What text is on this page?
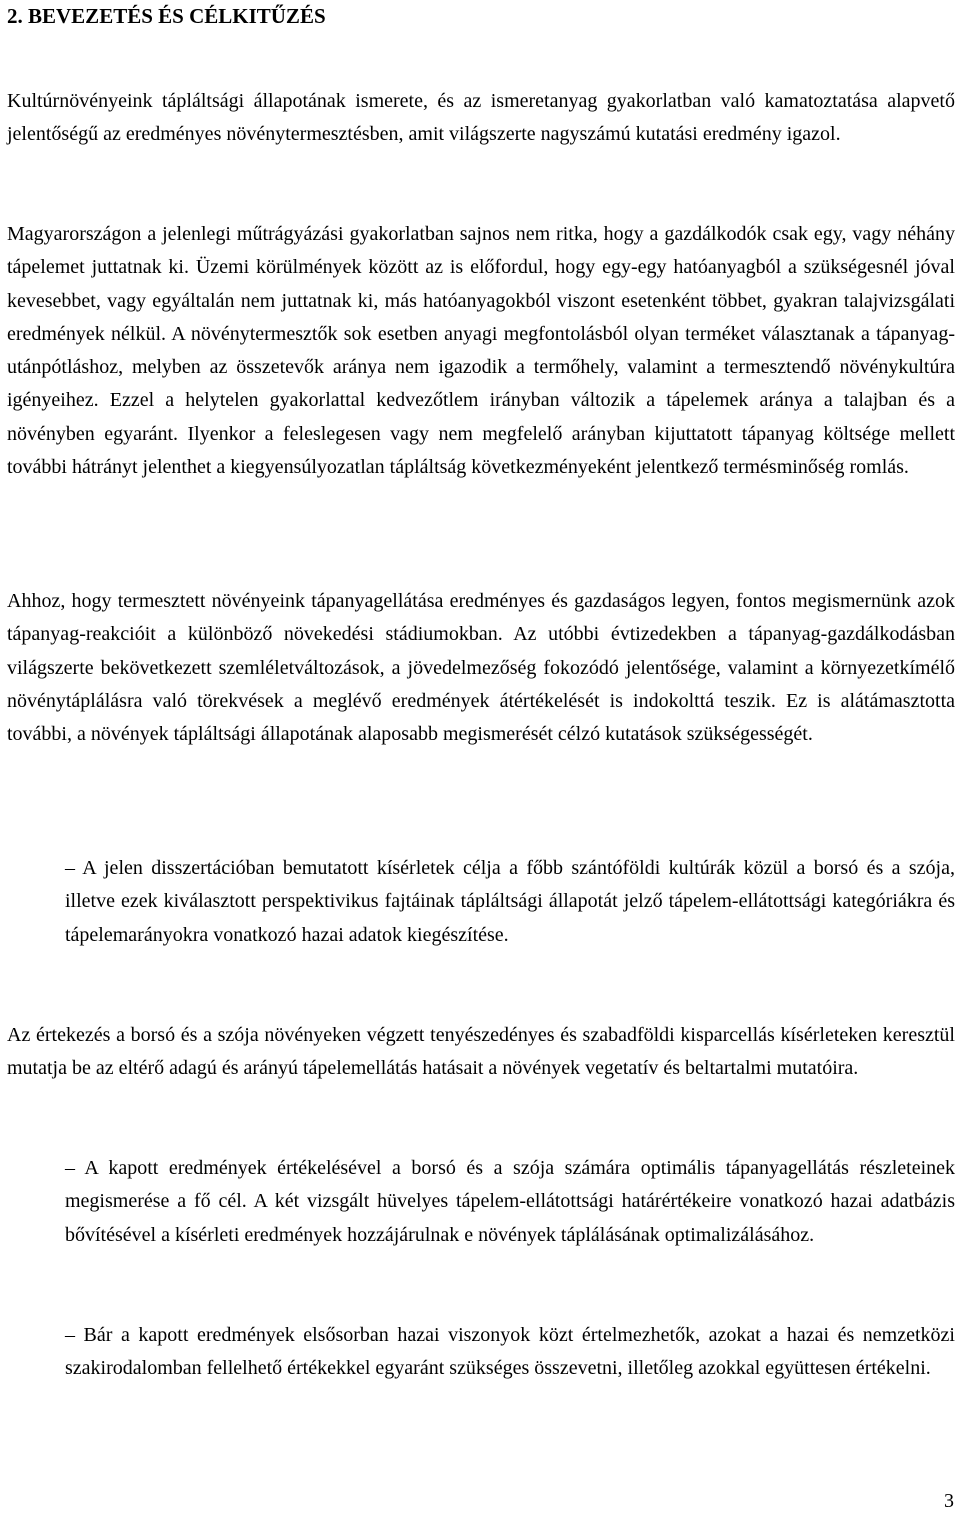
2. BEVEZETÉS ÉS CÉLKITŰZÉS

Kultúrnövényeink tápláltsági állapotának ismerete, és az ismeretanyag gyakorlatban való kamatoztatása alapvető jelentőségű az eredményes növénytermesztésben, amit világszerte nagyszámú kutatási eredmény igazol.

Magyarországon a jelenlegi műtrágyázási gyakorlatban sajnos nem ritka, hogy a gazdálkodók csak egy, vagy néhány tápelemet juttatnak ki. Üzemi körülmények között az is előfordul, hogy egy-egy hatóanyagból a szükségesnél jóval kevesebbet, vagy egyáltalán nem juttatnak ki, más hatóanyagokból viszont esetenként többet, gyakran talajvizsgálati eredmények nélkül. A növénytermesztők sok esetben anyagi megfontolásból olyan terméket választanak a tápanyag-utánpótláshoz, melyben az összetevők aránya nem igazodik a termőhely, valamint a termesztendő növénykultúra igényeihez. Ezzel a helytelen gyakorlattal kedvezőtlem irányban változik a tápelemek aránya a talajban és a növényben egyaránt. Ilyenkor a feleslegesen vagy nem megfelelő arányban kijuttatott tápanyag költsége mellett további hátrányt jelenthet a kiegyensúlyozatlan tápláltság következményeként jelentkező termésminőség romlás.

Ahhoz, hogy termesztett növényeink tápanyagellátása eredményes és gazdaságos legyen, fontos megismernünk azok tápanyag-reakcióit a különböző növekedési stádiumokban. Az utóbbi évtizedekben a tápanyag-gazdálkodásban világszerte bekövetkezett szemléletváltozások, a jövedelmezőség fokozódó jelentősége, valamint a környezetkímélő növénytáplálásra való törekvések a meglévő eredmények átértékelését is indokolttá teszik. Ez is alátámasztotta további, a növények tápláltsági állapotának alaposabb megismerését célzó kutatások szükségességét.

– A jelen disszertációban bemutatott kísérletek célja a főbb szántóföldi kultúrák közül a borsó és a szója, illetve ezek kiválasztott perspektivikus fajtáinak tápláltsági állapotát jelző tápelem-ellátottsági kategóriákra és tápelemarányokra vonatkozó hazai adatok kiegészítése.

Az értekezés a borsó és a szója növényeken végzett tenyészedényes és szabadföldi kisparcellás kísérleteken keresztül mutatja be az eltérő adagú és arányú tápelemellátás hatásait a növények vegetatív és beltartalmi mutatóira.

– A kapott eredmények értékelésével a borsó és a szója számára optimális tápanyagellátás részleteinek megismerése a fő cél. A két vizsgált hüvelyes tápelem-ellátottsági határértékeire vonatkozó hazai adatbázis bővítésével a kísérleti eredmények hozzájárulnak e növények táplálásának optimalizálásához.

– Bár a kapott eredmények elsősorban hazai viszonyok közt értelmezhetők, azokat a hazai és nemzetközi szakirodalomban fellelhető értékekkel egyaránt szükséges összevetni, illetőleg azokkal együttesen értékelni.

3
